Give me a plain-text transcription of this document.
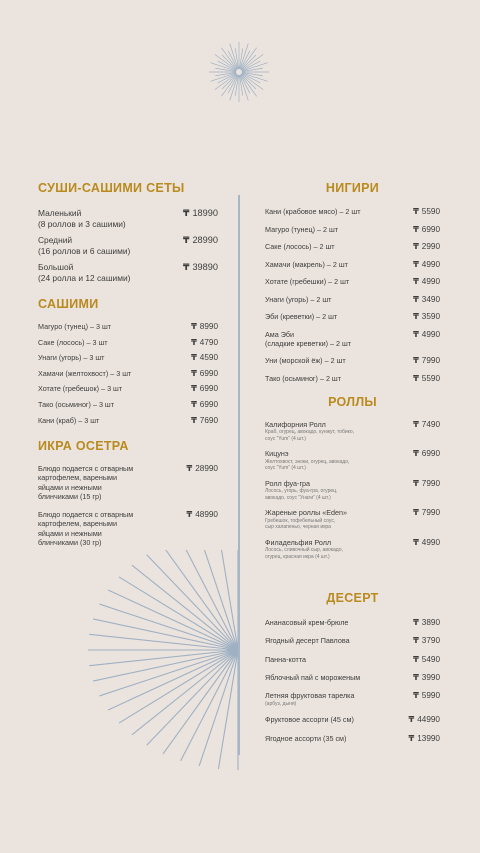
СУШИ-САШИМИ СЕТЫ
Маленький
(8 роллов и 3 сашими)
₸ 18990
Средний
(16 роллов и 6 сашими)
₸ 28990
Большой
(24 ролла и 12 сашими)
₸ 39890
САШИМИ
Магуро (тунец) – 3 шт	₸ 8990
Саке (лосось) – 3 шт	₸ 4790
Унаги (угорь) – 3 шт	₸ 4590
Хамачи (желтохвост) – 3 шт	₸ 6990
Хотате (гребешок) – 3 шт	₸ 6990
Тако (осьминог) – 3 шт	₸ 6990
Кани (краб) – 3 шт	₸ 7690
ИКРА ОСЕТРА
Блюдо подается с отварным
картофелем, вареными
яйцами и нежными
блинчиками (15 гр)
₸ 28990
Блюдо подается с отварным
картофелем, вареными
яйцами и нежными
блинчиками (30 гр)
₸ 48990
НИГИРИ
Кани (крабовое мясо) – 2 шт	₸ 5590
Магуро (тунец) – 2 шт	₸ 6990
Саке (лосось) – 2 шт	₸ 2990
Хамачи (макрель) – 2 шт	₸ 4990
Хотате (гребешки) – 2 шт	₸ 4990
Унаги (угорь) – 2 шт	₸ 3490
Эби (креветки) – 2 шт	₸ 3590
Ама Эби
(сладкие креветки) – 2 шт
₸ 4990
Уни (морской ёж) – 2 шт	₸ 7990
Тако (осьминог) – 2 шт	₸ 5590
РОЛЛЫ
Калифорния Ролл
Краб, огурец, авокадо, кунжут, тобико,
соус “Yum” (4 шт.)
₸ 7490
Кицунэ
Желтохвост, эноки, огурец, авокадо,
соус “Yum” (4 шт.)
₸ 6990
Ролл фуа-гра
Лосось, угорь, фуа-гра, огурец,
авокадо, соус “Унаги” (4 шт.)
₸ 7990
Жареные роллы «Eden»
Гребешок, тофебельный соус,
сыр халапеньо, черная икра
₸ 7990
Филадельфия Ролл
Лосось, сливочный сыр, авокадо,
огурец, красная икра (4 шт.)
₸ 4990
ДЕСЕРТ
Ананасовый крем-брюле	₸ 3890
Ягодный десерт Павлова	₸ 3790
Панна-котта	₸ 5490
Яблочный пай с мороженым	₸ 3990
Летняя фруктовая тарелка
(арбуз, дыня)
₸ 5990
Фруктовое ассорти (45 см)	₸ 44990
Ягодное ассорти (35 см)	₸ 13990
